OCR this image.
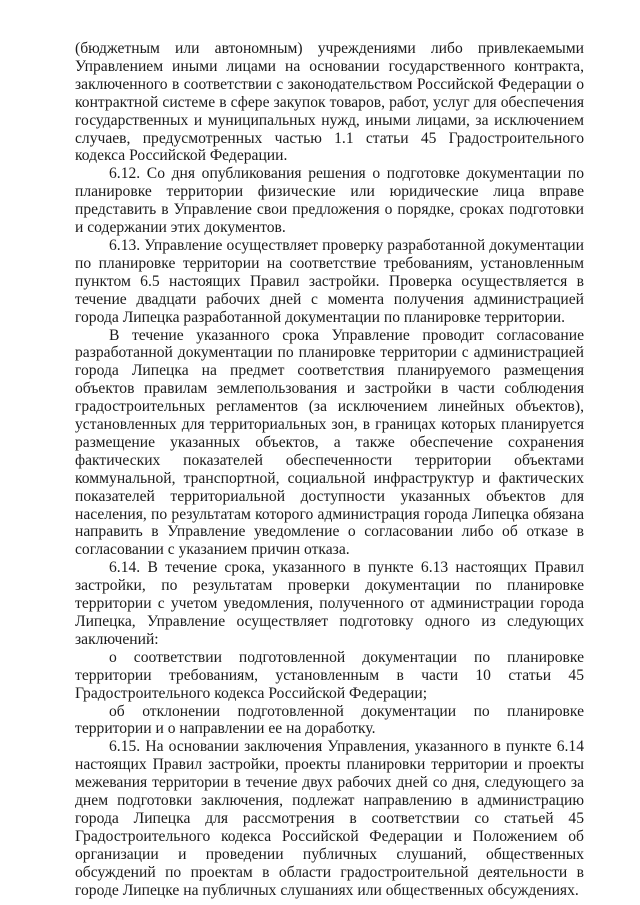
(бюджетным или автономным) учреждениями либо привлекаемыми Управлением иными лицами на основании государственного контракта, заключенного в соответствии с законодательством Российской Федерации о контрактной системе в сфере закупок товаров, работ, услуг для обеспечения государственных и муниципальных нужд, иными лицами, за исключением случаев, предусмотренных частью 1.1 статьи 45 Градостроительного кодекса Российской Федерации.

6.12. Со дня опубликования решения о подготовке документации по планировке территории физические или юридические лица вправе представить в Управление свои предложения о порядке, сроках подготовки и содержании этих документов.

6.13. Управление осуществляет проверку разработанной документации по планировке территории на соответствие требованиям, установленным пунктом 6.5 настоящих Правил застройки. Проверка осуществляется в течение двадцати рабочих дней с момента получения администрацией города Липецка разработанной документации по планировке территории.

В течение указанного срока Управление проводит согласование разработанной документации по планировке территории с администрацией города Липецка на предмет соответствия планируемого размещения объектов правилам землепользования и застройки в части соблюдения градостроительных регламентов (за исключением линейных объектов), установленных для территориальных зон, в границах которых планируется размещение указанных объектов, а также обеспечение сохранения фактических показателей обеспеченности территории объектами коммунальной, транспортной, социальной инфраструктур и фактических показателей территориальной доступности указанных объектов для населения, по результатам которого администрация города Липецка обязана направить в Управление уведомление о согласовании либо об отказе в согласовании с указанием причин отказа.

6.14. В течение срока, указанного в пункте 6.13 настоящих Правил застройки, по результатам проверки документации по планировке территории с учетом уведомления, полученного от администрации города Липецка, Управление осуществляет подготовку одного из следующих заключений:

о соответствии подготовленной документации по планировке территории требованиям, установленным в части 10 статьи 45 Градостроительного кодекса Российской Федерации;

об отклонении подготовленной документации по планировке территории и о направлении ее на доработку.

6.15. На основании заключения Управления, указанного в пункте 6.14 настоящих Правил застройки, проекты планировки территории и проекты межевания территории в течение двух рабочих дней со дня, следующего за днем подготовки заключения, подлежат направлению в администрацию города Липецка для рассмотрения в соответствии со статьей 45 Градостроительного кодекса Российской Федерации и Положением об организации и проведении публичных слушаний, общественных обсуждений по проектам в области градостроительной деятельности в городе Липецке на публичных слушаниях или общественных обсуждениях.
